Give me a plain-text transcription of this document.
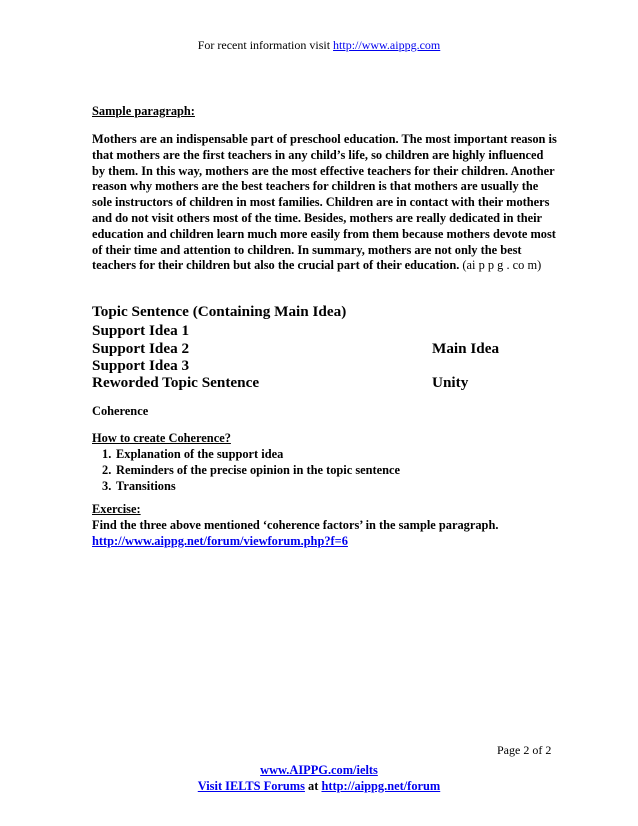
For recent information visit http://www.aippg.com
Sample paragraph:
Mothers are an indispensable part of preschool education. The most important reason is that mothers are the first teachers in any child’s life, so children are highly influenced by them. In this way, mothers are the most effective teachers for their children. Another reason why mothers are the best teachers for children is that mothers are usually the sole instructors of children in most families. Children are in contact with their mothers and do not visit others most of the time. Besides, mothers are really dedicated in their education and children learn much more easily from them because mothers devote most of their time and attention to children. In summary, mothers are not only the best teachers for their children but also the crucial part of their education. (ai p p g . co m)
Topic Sentence (Containing Main Idea)
Support Idea 1
Support Idea 2	Main Idea
Support Idea 3
Reworded Topic Sentence	Unity
Coherence
How to create Coherence?
1. Explanation of the support idea
2. Reminders of the precise opinion in the topic sentence
3. Transitions
Exercise:
Find the three above mentioned ‘coherence factors’ in the sample paragraph.
http://www.aippg.net/forum/viewforum.php?f=6
Page 2 of 2
www.AIPPG.com/ielts
Visit IELTS Forums at http://aippg.net/forum
